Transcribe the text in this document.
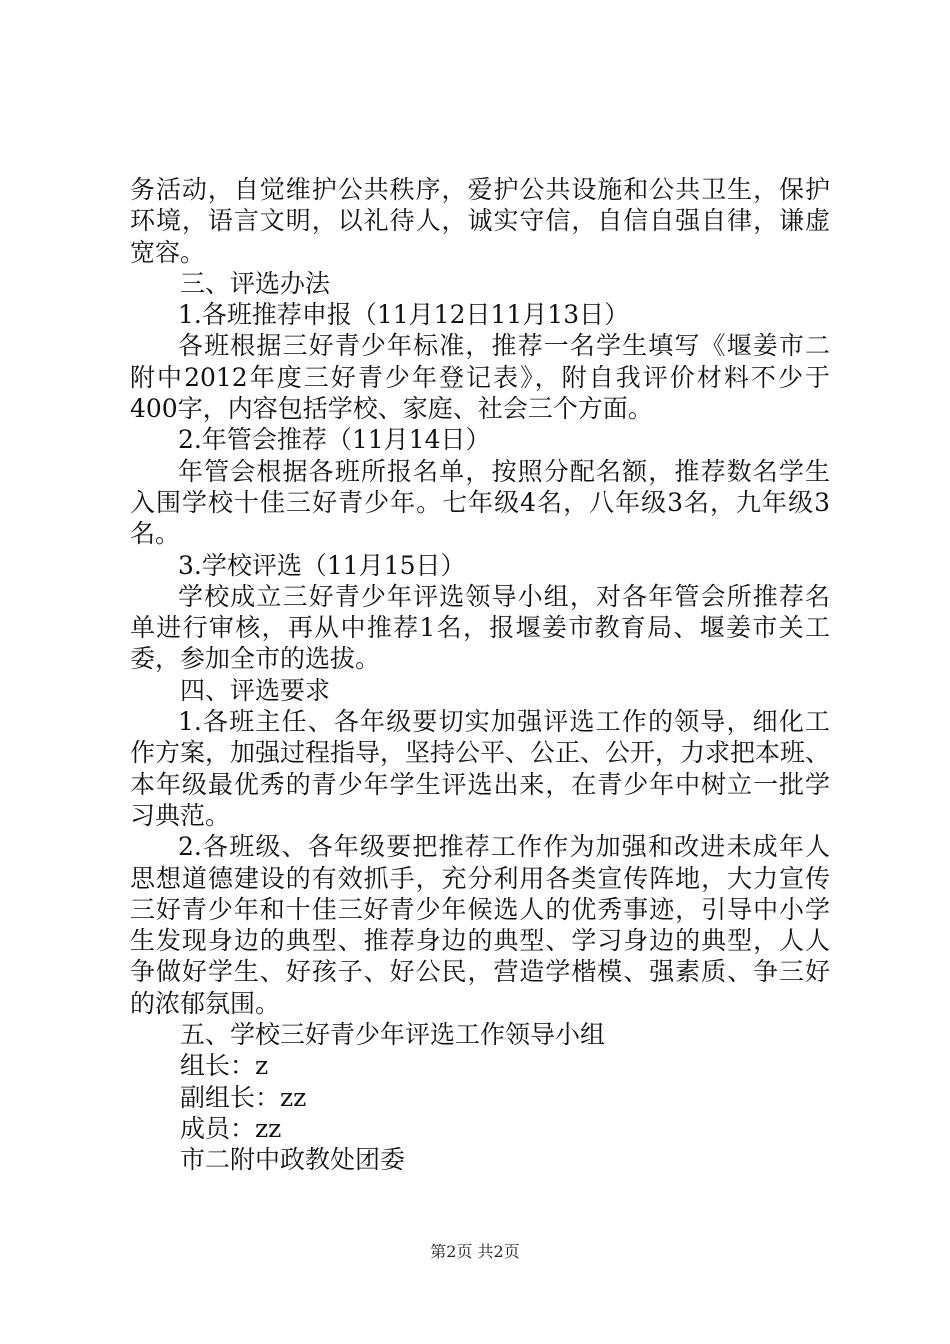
务活动，自觉维护公共秩序，爱护公共设施和公共卫生，保护
环境，语言文明，以礼待人，诚实守信，自信自强自律，谦虚
宽容。
三、评选办法
1.各班推荐申报（11月12日11月13日）
各班根据三好青少年标准，推荐一名学生填写《堰姜市二
附中2012年度三好青少年登记表》，附自我评价材料不少于
400字，内容包括学校、家庭、社会三个方面。
2.年管会推荐（11月14日）
年管会根据各班所报名单，按照分配名额，推荐数名学生
入围学校十佳三好青少年。七年级4名，八年级3名，九年级3
名。
3.学校评选（11月15日）
学校成立三好青少年评选领导小组，对各年管会所推荐名
单进行审核，再从中推荐1名，报堰姜市教育局、堰姜市关工
委，参加全市的选拔。
四、评选要求
1.各班主任、各年级要切实加强评选工作的领导，细化工
作方案，加强过程指导，坚持公平、公正、公开，力求把本班、
本年级最优秀的青少年学生评选出来，在青少年中树立一批学
习典范。
2.各班级、各年级要把推荐工作作为加强和改进未成年人
思想道德建设的有效抓手，充分利用各类宣传阵地，大力宣传
三好青少年和十佳三好青少年候选人的优秀事迹，引导中小学
生发现身边的典型、推荐身边的典型、学习身边的典型，人人
争做好学生、好孩子、好公民，营造学楷模、强素质、争三好
的浓郁氛围。
五、学校三好青少年评选工作领导小组
组长：z
副组长：zz
成员：zz
市二附中政教处团委
第2页 共2页
